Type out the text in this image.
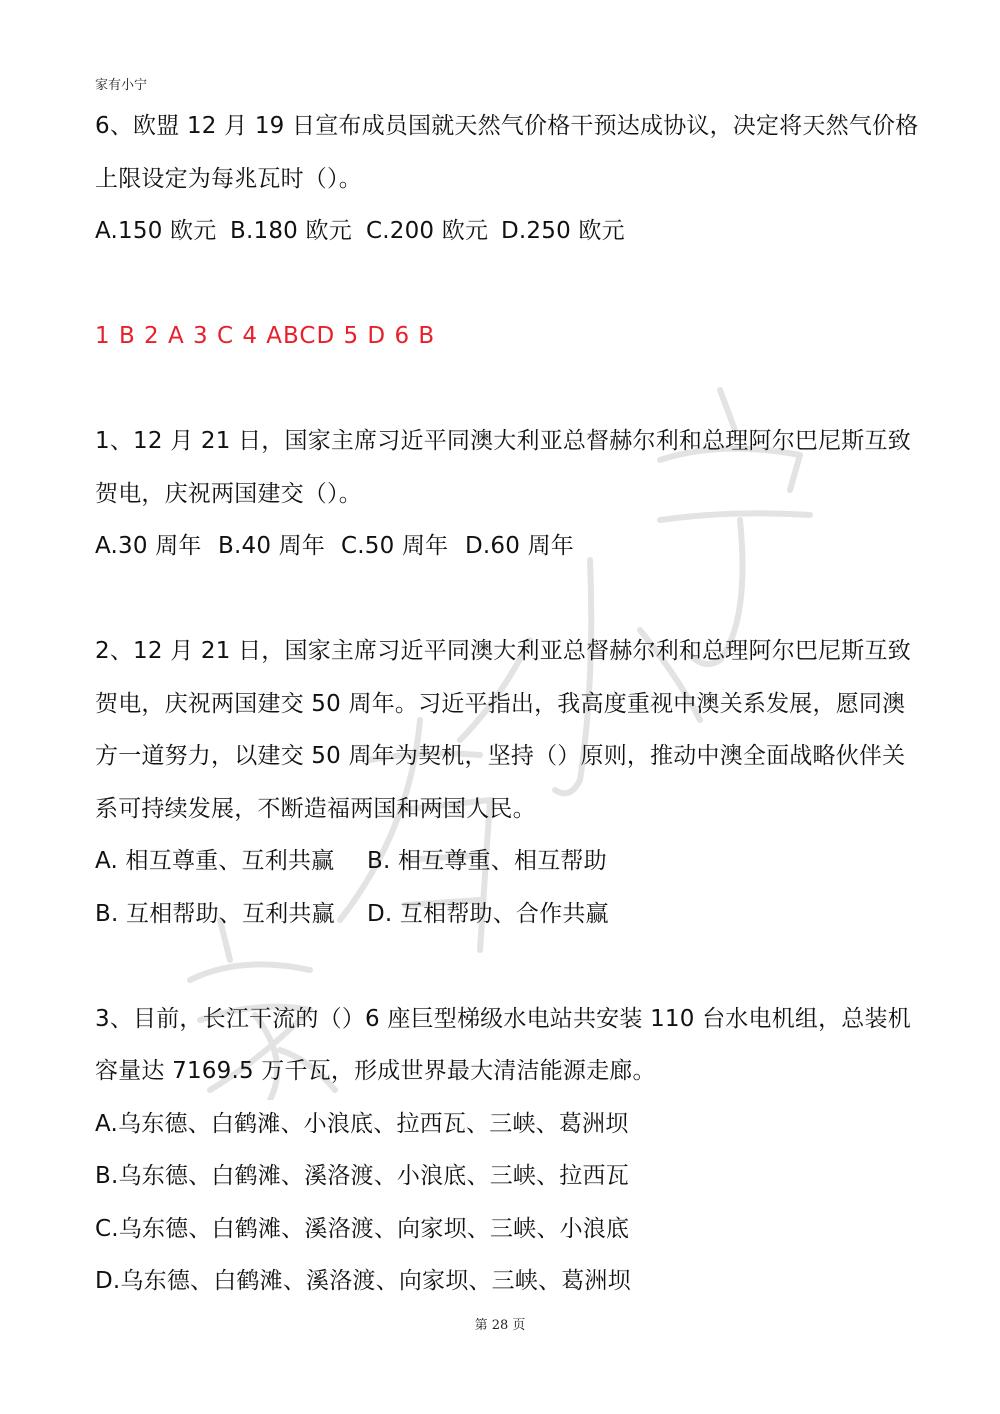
家有小宁
6、欧盟 12 月 19 日宣布成员国就天然气价格干预达成协议，决定将天然气价格
上限设定为每兆瓦时（）。
A.150 欧元 B.180 欧元 C.200 欧元 D.250 欧元
1 B 2 A 3 C 4 ABCD 5 D 6 B
1、12 月 21 日，国家主席习近平同澳大利亚总督赫尔利和总理阿尔巴尼斯互致
贺电，庆祝两国建交（）。
A.30 周年 B.40 周年 C.50 周年 D.60 周年
2、12 月 21 日，国家主席习近平同澳大利亚总督赫尔利和总理阿尔巴尼斯互致
贺电，庆祝两国建交 50 周年。习近平指出，我高度重视中澳关系发展，愿同澳
方一道努力，以建交 50 周年为契机，坚持（）原则，推动中澳全面战略伙伴关
系可持续发展，不断造福两国和两国人民。
A. 相互尊重、互利共赢 B. 相互尊重、相互帮助
B. 互相帮助、互利共赢 D. 互相帮助、合作共赢
3、目前，长江干流的（）6 座巨型梯级水电站共安装 110 台水电机组，总装机
容量达 7169.5 万千瓦，形成世界最大清洁能源走廊。
A.乌东德、白鹤滩、小浪底、拉西瓦、三峡、葛洲坝
B.乌东德、白鹤滩、溪洛渡、小浪底、三峡、拉西瓦
C.乌东德、白鹤滩、溪洛渡、向家坝、三峡、小浪底
D.乌东德、白鹤滩、溪洛渡、向家坝、三峡、葛洲坝
第 28 页
